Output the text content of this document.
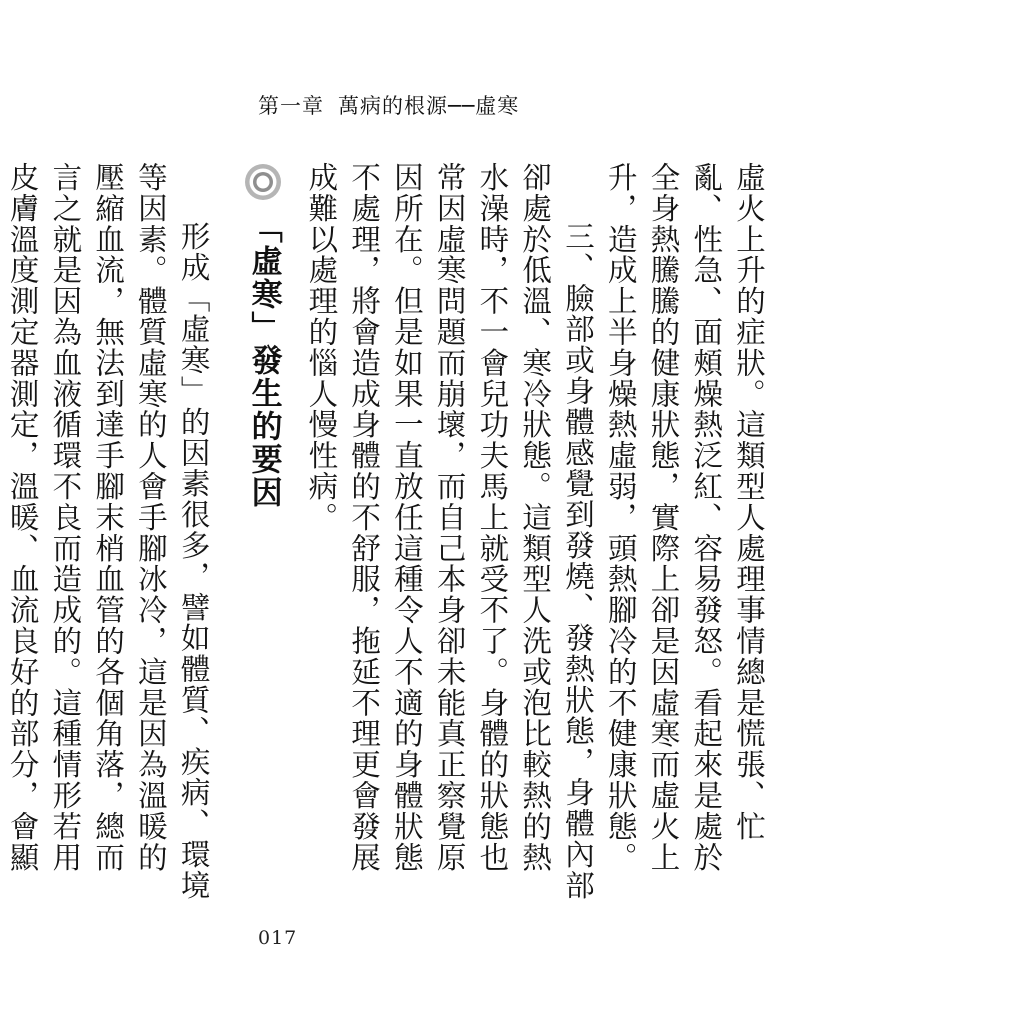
第一章 萬病的根源──虛寒

虛火上升的症狀。這類型人處理事情總是慌張、忙亂、性急、面頰燥熱泛紅、容易發怒。看起來是處於全身熱騰騰的健康狀態，實際上卻是因虛寒而虛火上升，造成上半身燥熱虛弱，頭熱腳冷的不健康狀態。

三、臉部或身體感覺到發燒、發熱狀態，身體內部卻處於低溫、寒冷狀態。這類型人洗或泡比較熱的熱水澡時，不一會兒功夫馬上就受不了。身體的狀態也常因虛寒問題而崩壞，而自己本身卻未能真正察覺原因所在。但是如果一直放任這種令人不適的身體狀態不處理，將會造成身體的不舒服，拖延不理更會發展成難以處理的惱人慢性病。

「虛寒」發生的要因

形成「虛寒」的因素很多，譬如體質、疾病、環境等因素。體質虛寒的人會手腳冰冷，這是因為溫暖的壓縮血流，無法到達手腳末梢血管的各個角落，總而言之就是因為血液循環不良而造成的。這種情形若用皮膚溫度測定器測定，溫暖、血流良好的部分，會顯

017
